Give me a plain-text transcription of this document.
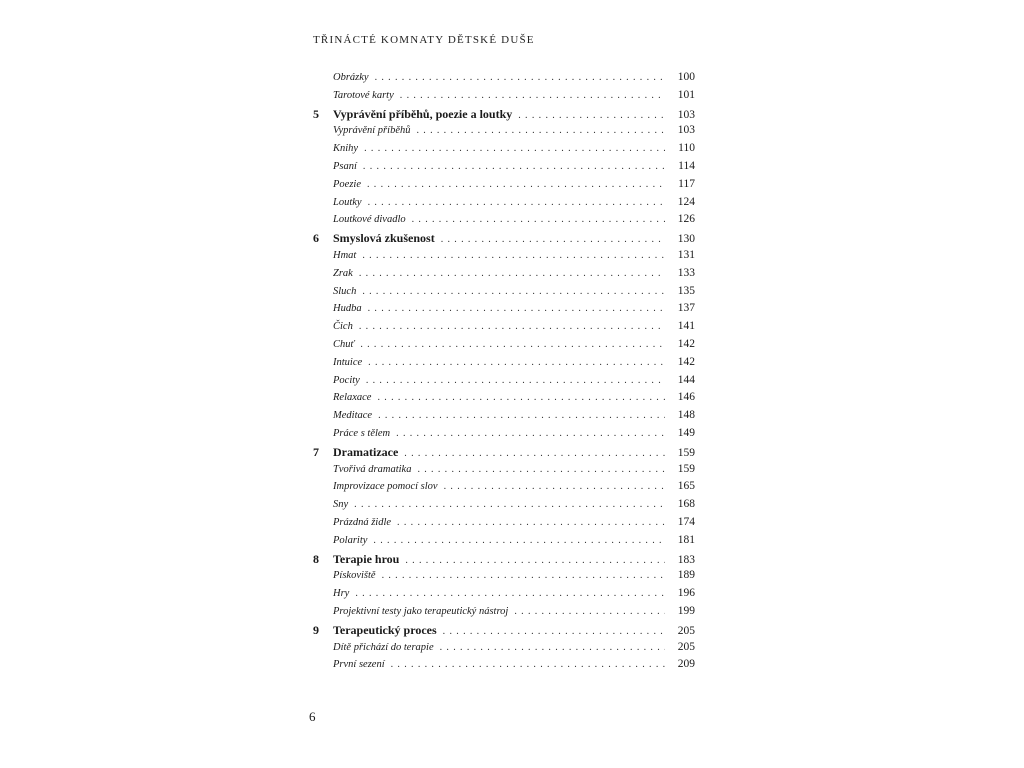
TŘINÁCTÉ KOMNATY DĚTSKÉ DUŠE
Obrázky . . .	100
Tarotové karty . . .	101
5	Vyprávění příběhů, poezie a loutky . . .	103
Vyprávění příběhů . . .	103
Knihy . . .	110
Psaní . . .	114
Poezie . . .	117
Loutky . . .	124
Loutkové divadlo . . .	126
6	Smyslová zkušenost . . .	130
Hmat . . .	131
Zrak . . .	133
Sluch . . .	135
Hudba . . .	137
Čich . . .	141
Chuť . . .	142
Intuice . . .	142
Pocity . . .	144
Relaxace . . .	146
Meditace . . .	148
Práce s tělem . . .	149
7	Dramatizace . . .	159
Tvořivá dramatika . . .	159
Improvizace pomocí slov . . .	165
Sny . . .	168
Prázdná židle . . .	174
Polarity . . .	181
8	Terapie hrou . . .	183
Pískoviště . . .	189
Hry . . .	196
Projektivní testy jako terapeutický nástroj . . .	199
9	Terapeutický proces . . .	205
Dítě přichází do terapie . . .	205
První sezení . . .	209
6
